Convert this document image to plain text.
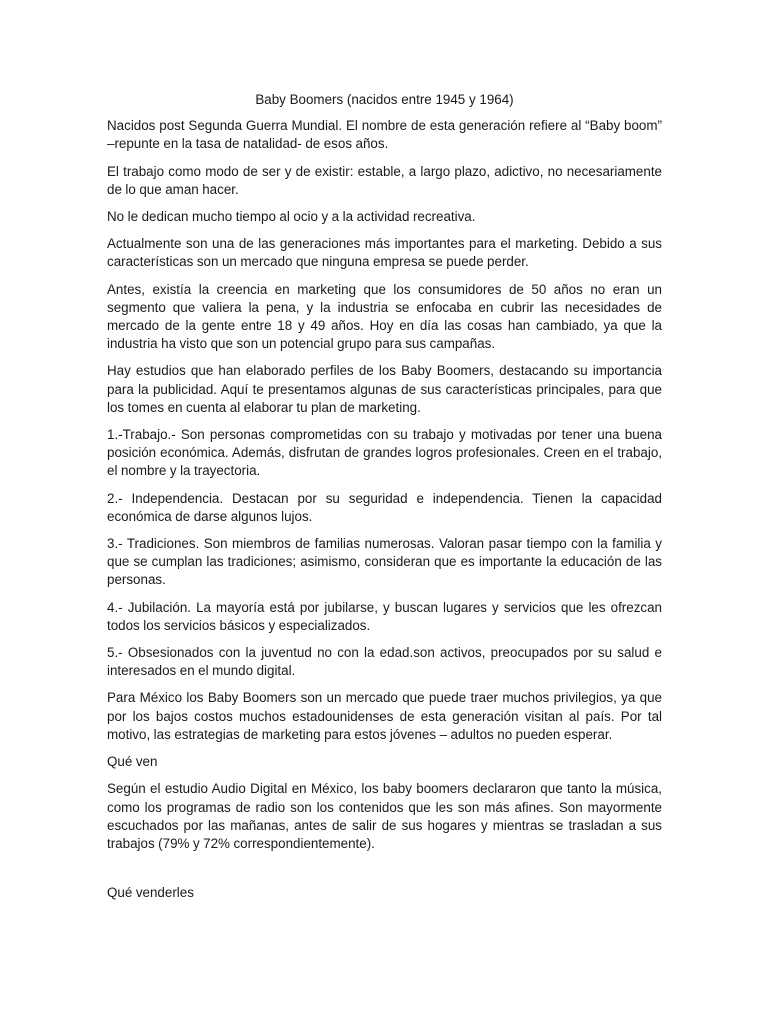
Baby Boomers (nacidos entre 1945 y 1964)

Nacidos post Segunda Guerra Mundial. El nombre de esta generación refiere al “Baby boom” –repunte en la tasa de natalidad- de esos años.

El trabajo como modo de ser y de existir: estable, a largo plazo, adictivo, no necesariamente de lo que aman hacer.

No le dedican mucho tiempo al ocio y a la actividad recreativa.

Actualmente son una de las generaciones más importantes para el marketing. Debido a sus características son un mercado que ninguna empresa se puede perder.

Antes, existía la creencia en marketing que los consumidores de 50 años no eran un segmento que valiera la pena, y la industria se enfocaba en cubrir las necesidades de mercado de la gente entre 18 y 49 años. Hoy en día las cosas han cambiado, ya que la industria ha visto que son un potencial grupo para sus campañas.

Hay estudios que han elaborado perfiles de los Baby Boomers, destacando su importancia para la publicidad. Aquí te presentamos algunas de sus características principales, para que los tomes en cuenta al elaborar tu plan de marketing.

1.-Trabajo.- Son personas comprometidas con su trabajo y motivadas por tener una buena posición económica. Además, disfrutan de grandes logros profesionales. Creen en el trabajo, el nombre y la trayectoria.

2.- Independencia. Destacan por su seguridad e independencia. Tienen la capacidad económica de darse algunos lujos.

3.- Tradiciones. Son miembros de familias numerosas. Valoran pasar tiempo con la familia y que se cumplan las tradiciones; asimismo, consideran que es importante la educación de las personas.

4.- Jubilación. La mayoría está por jubilarse, y buscan lugares y servicios que les ofrezcan todos los servicios básicos y especializados.

5.- Obsesionados con la juventud no con la edad.son activos, preocupados por su salud e interesados en el mundo digital.

Para México los Baby Boomers son un mercado que puede traer muchos privilegios, ya que por los bajos costos muchos estadounidenses de esta generación visitan al país. Por tal motivo, las estrategias de marketing para estos jóvenes – adultos no pueden esperar.

Qué ven

Según el estudio Audio Digital en México, los baby boomers declararon que tanto la música, como los programas de radio son los contenidos que les son más afines. Son mayormente escuchados por las mañanas, antes de salir de sus hogares y mientras se trasladan a sus trabajos (79% y 72% correspondientemente).

Qué venderles
